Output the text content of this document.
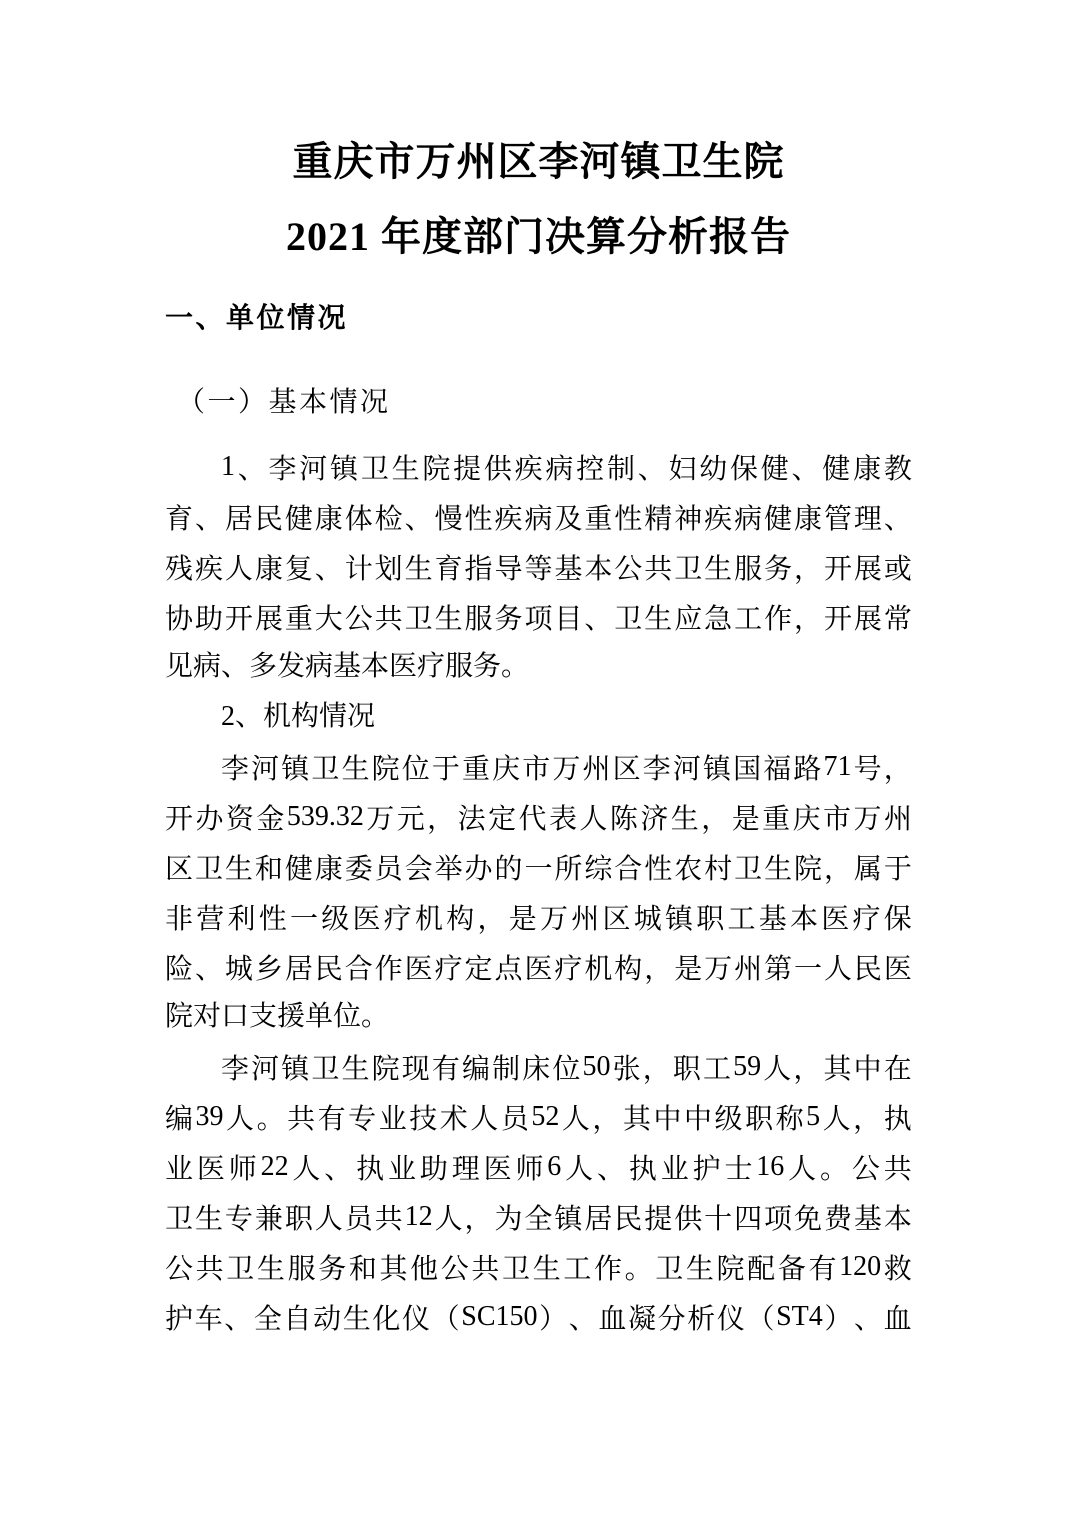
重庆市万州区李河镇卫生院
2021 年度部门决算分析报告
一、单位情况
（一）基本情况
1 、 李 河 镇 卫 生 院 提 供 疾 病 控 制 、 妇 幼 保 健 、 健 康 教
育 、 居 民 健 康 体 检 、 慢 性 疾 病 及 重 性 精 神 疾 病 健 康 管 理 、
残 疾 人 康 复 、 计 划 生 育 指 导 等 基 本 公 共 卫 生 服 务 ， 开 展 或
协 助 开 展 重 大 公 共 卫 生 服 务 项 目 、 卫 生 应 急 工 作 ， 开 展 常
见病、多发病基本医疗服务。
2、机构情况
李 河 镇 卫 生 院 位 于 重 庆 市 万 州 区 李 河 镇 国 福 路 71 号 ，
开 办 资 金 539.32 万 元 ， 法 定 代 表 人 陈 济 生 ， 是 重 庆 市 万 州
区 卫 生 和 健 康 委 员 会 举 办 的 一 所 综 合 性 农 村 卫 生 院 ， 属 于
非 营 利 性 一 级 医 疗 机 构 ， 是 万 州 区 城 镇 职 工 基 本 医 疗 保
险 、 城 乡 居 民 合 作 医 疗 定 点 医 疗 机 构 ， 是 万 州 第 一 人 民 医
院对口支援单位。
李 河 镇 卫 生 院 现 有 编 制 床 位 50 张 ， 职 工 59 人 ， 其 中 在
编 39 人 。 共 有 专 业 技 术 人 员 52 人 ， 其 中 中 级 职 称 5 人 ， 执
业 医 师 22 人 、 执 业 助 理 医 师 6 人 、 执 业 护 士 16 人 。 公 共
卫 生 专 兼 职 人 员 共 12 人 ， 为 全 镇 居 民 提 供 十 四 项 免 费 基 本
公 共 卫 生 服 务 和 其 他 公 共 卫 生 工 作 。 卫 生 院 配 备 有 120 救
护 车 、 全 自 动 生 化 仪 （ SC150 ） 、 血 凝 分 析 仪 （ ST4 ） 、 血
